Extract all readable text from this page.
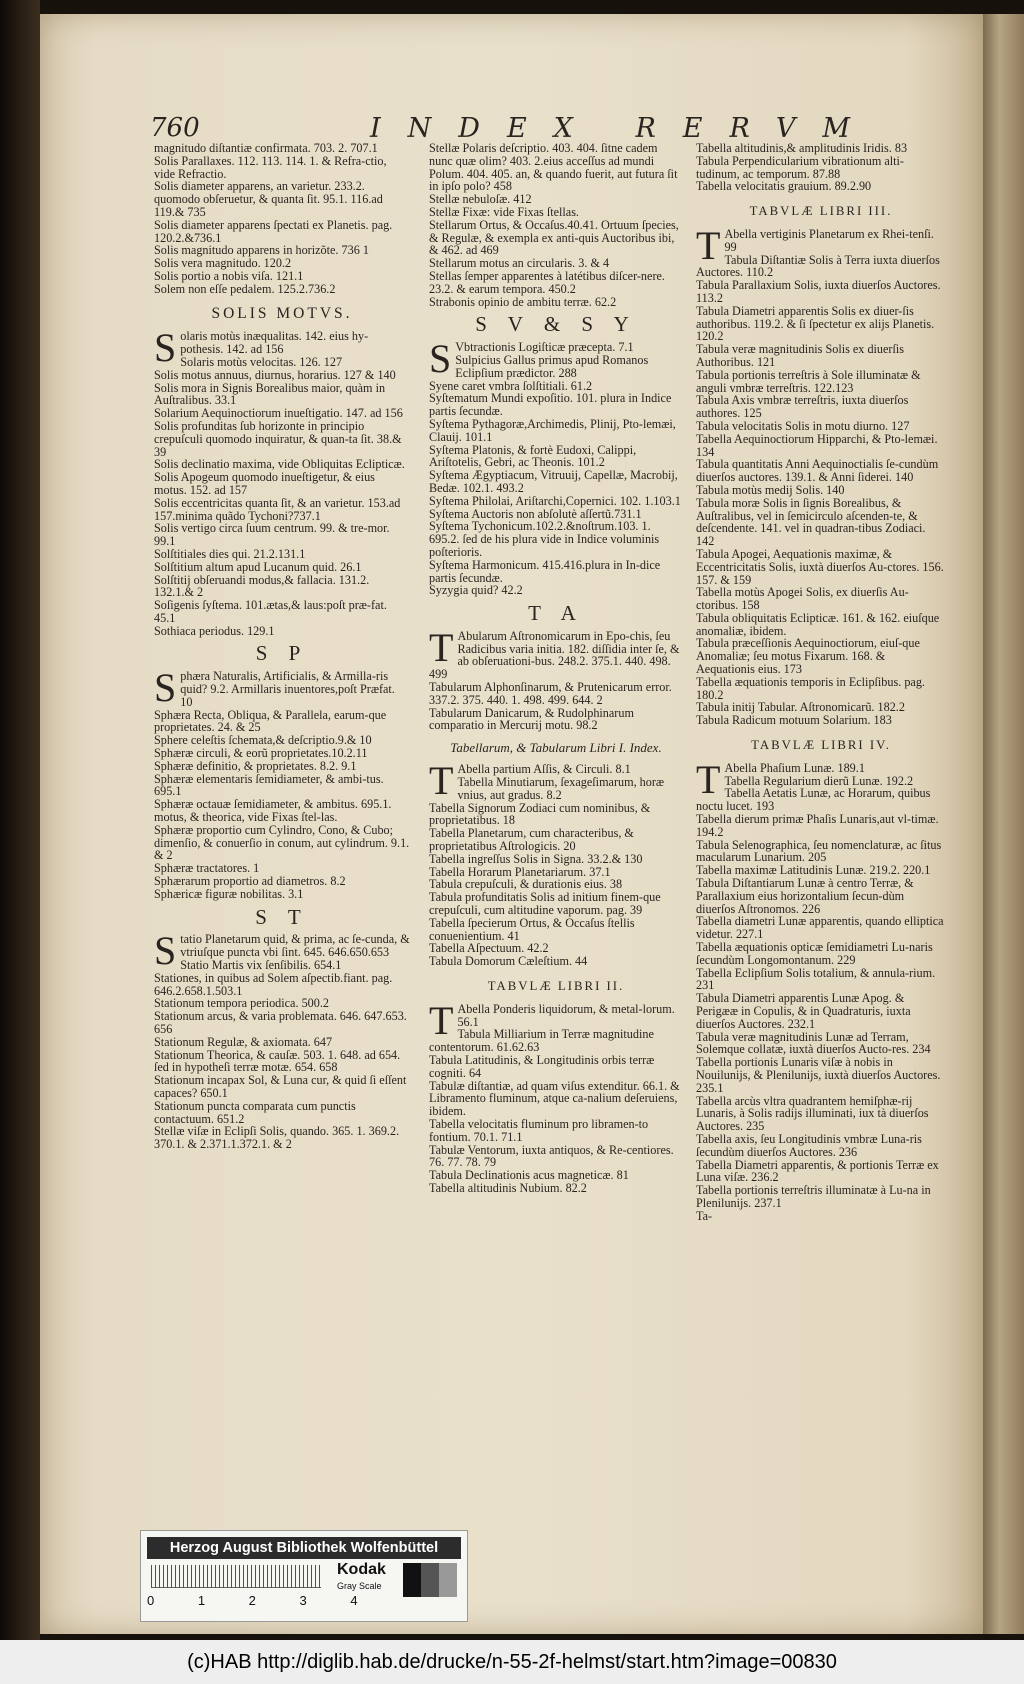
760	INDEX RERVM

magnitudo diſtantiæ confirmata. 703. 2. 707.1

Solis Parallaxes. 112. 113. 114. 1. & Refra-ctio, vide Refractio.

Solis diameter apparens, an varietur. 233.2. quomodo obſeruetur, & quanta ſit. 95.1. 116.ad 119.& 735

Solis diameter apparens ſpectati ex Planetis. pag. 120.2.&736.1

Solis magnitudo apparens in horizõte. 736 1

Solis vera magnitudo. 120.2

Solis portio a nobis viſa. 121.1

Solem non eſſe pedalem. 125.2.736.2

SOLIS MOTVS.

Solaris motùs inæqualitas. 142. eius hy-pothesis. 142. ad 156

Solaris motùs velocitas. 126. 127

Solis motus annuus, diurnus, horarius. 127 & 140

Solis mora in Signis Borealibus maior, quàm in Auſtralibus. 33.1

Solarium Aequinoctiorum inueſtigatio. 147. ad 156

Solis profunditas ſub horizonte in principio crepuſculi quomodo inquiratur, & quan-ta ſit. 38.& 39

Solis declinatio maxima, vide Obliquitas Eclipticæ.

Solis Apogeum quomodo inueſtigetur, & eius motus. 152. ad 157

Solis eccentricitas quanta ſit, & an varietur. 153.ad 157.minima quãdo Tychoni?737.1

Solis vertigo circa ſuum centrum. 99. & tre-mor. 99.1

Solſtitiales dies qui. 21.2.131.1

Solſtitium altum apud Lucanum quid. 26.1

Solſtitij obſeruandi modus,& fallacia. 131.2. 132.1.& 2

Soſigenis ſyſtema. 101.ætas,& laus:poſt præ-fat. 45.1

Sothiaca periodus. 129.1

S P

Sphæra Naturalis, Artificialis, & Armilla-ris quid? 9.2. Armillaris inuentores,poſt Præfat. 10

Sphæra Recta, Obliqua, & Parallela, earum-que proprietates. 24. & 25

Sphere celeſtis ſchemata,& deſcriptio.9.& 10

Sphæræ circuli, & eorũ proprietates.10.2.11

Sphæræ definitio, & proprietates. 8.2. 9.1

Sphæræ elementaris ſemidiameter, & ambi-tus. 695.1

Sphæræ octauæ ſemidiameter, & ambitus. 695.1. motus, & theorica, vide Fixas ſtel-las.

Sphæræ proportio cum Cylindro, Cono, & Cubo; dimenſio, & conuerſio in conum, aut cylindrum. 9.1. & 2

Sphæræ tractatores. 1

Sphærarum proportio ad diametros. 8.2

Sphæricæ figuræ nobilitas. 3.1

S T

Statio Planetarum quid, & prima, ac ſe-cunda, & vtriuſque puncta vbi ſint. 645. 646.650.653

Statio Martis vix ſenſibilis. 654.1

Stationes, in quibus ad Solem aſpectib.fiant. pag. 646.2.658.1.503.1

Stationum tempora periodica. 500.2

Stationum arcus, & varia problemata. 646. 647.653. 656

Stationum Regulæ, & axiomata. 647

Stationum Theorica, & cauſæ. 503. 1. 648. ad 654. ſed in hypotheſi terræ motæ. 654. 658

Stationum incapax Sol, & Luna cur, & quid ſi eſſent capaces? 650.1

Stationum puncta comparata cum punctis contactuum. 651.2

Stellæ viſæ in Eclipſi Solis, quando. 365. 1. 369.2. 370.1. & 2.371.1.372.1. & 2

Stellæ Polaris deſcriptio. 403. 404. ſitne cadem nunc quæ olim? 403. 2.eius acceſſus ad mundi Polum. 404. 405. an, & quando fuerit, aut futura ſit in ipſo polo? 458

Stellæ nebuloſæ. 412

Stellæ Fixæ: vide Fixas ſtellas.

Stellarum Ortus, & Occaſus.40.41. Ortuum ſpecies, & Regulæ, & exempla ex anti-quis Auctoribus ibi, & 462. ad 469

Stellarum motus an circularis. 3. & 4

Stellas ſemper apparentes à latétibus diſcer-nere. 23.2. & earum tempora. 450.2

Strabonis opinio de ambitu terræ. 62.2

S V & S Y

S Vbtractionis Logiſticæ præcepta. 7.1

Sulpicius Gallus primus apud Romanos Eclipſium prædictor. 288

Syene caret vmbra ſolſtitiali. 61.2

Syſtematum Mundi expoſitio. 101. plura in Indice partis ſecundæ.

Syſtema Pythagoræ,Archimedis, Plinij, Pto-lemæi, Clauij. 101.1

Syſtema Platonis, & fortè Eudoxi, Calippi, Ariſtotelis, Gebri, ac Theonis. 101.2

Syſtema Ægyptiacum, Vitruuij, Capellæ, Macrobij, Bedæ. 102.1. 493.2

Syſtema Philolai, Ariſtarchi,Copernici. 102. 1.103.1

Syſtema Auctoris non abſolutè aſſertũ.731.1

Syſtema Tychonicum.102.2.&noſtrum.103. 1. 695.2. ſed de his plura vide in Indice voluminis poſterioris.

Syſtema Harmonicum. 415.416.plura in In-dice partis ſecundæ.

Syzygia quid? 42.2

T A

T Abularum Aſtronomicarum in Epo-chis, ſeu Radicibus varia initia. 182. diſſidia inter ſe, & ab obſeruationi-bus. 248.2. 375.1. 440. 498. 499

Tabularum Alphonſinarum, & Prutenicarum error. 337.2. 375. 440. 1. 498. 499. 644. 2

Tabularum Danicarum, & Rudolphinarum comparatio in Mercurij motu. 98.2

Tabellarum, & Tabularum Libri I. Index.

T Abella partium Aſſis, & Circuli. 8.1

Tabella Minutiarum, ſexageſimarum, horæ vnius, aut gradus. 8.2

Tabella Signorum Zodiaci cum nominibus, & proprietatibus. 18

Tabella Planetarum, cum characteribus, & proprietatibus Aſtrologicis. 20

Tabella ingreſſus Solis in Signa. 33.2.& 130

Tabella Horarum Planetariarum. 37.1

Tabula crepuſculi, & durationis eius. 38

Tabula profunditatis Solis ad initium finem-que crepuſculi, cum altitudine vaporum. pag. 39

Tabella ſpecierum Ortus, & Occaſus ſtellis conuenientium. 41

Tabella Aſpectuum. 42.2

Tabula Domorum Cæleſtium. 44

TABVLÆ LIBRI II.

T Abella Ponderis liquidorum, & metal-lorum. 56.1

Tabula Milliarium in Terræ magnitudine contentorum. 61.62.63

Tabula Latitudinis, & Longitudinis orbis terræ cogniti. 64

Tabulæ diſtantiæ, ad quam viſus extenditur. 66.1. & Libramento fluminum, atque ca-nalium deſeruiens, ibidem.

Tabella velocitatis fluminum pro libramen-to fontium. 70.1. 71.1

Tabulæ Ventorum, iuxta antiquos, & Re-centiores. 76. 77. 78. 79

Tabula Declinationis acus magneticæ. 81

Tabella altitudinis Nubium. 82.2

Tabella altitudinis,& amplitudinis Iridis. 83

Tabula Perpendicularium vibrationum alti-tudinum, ac temporum. 87.88

Tabella velocitatis grauium. 89.2.90

TABVLÆ LIBRI III.

T Abella vertiginis Planetarum ex Rhei-tenſi. 99

Tabula Diſtantiæ Solis à Terra iuxta diuerſos Auctores. 110.2

Tabula Parallaxium Solis, iuxta diuerſos Auctores. 113.2

Tabula Diametri apparentis Solis ex diuer-ſis authoribus. 119.2. & ſi ſpectetur ex alijs Planetis. 120.2

Tabula veræ magnitudinis Solis ex diuerſis Authoribus. 121

Tabula portionis terreſtris à Sole illuminatæ & anguli vmbræ terreſtris. 122.123

Tabula Axis vmbræ terreſtris, iuxta diuerſos authores. 125

Tabula velocitatis Solis in motu diurno. 127

Tabella Aequinoctiorum Hipparchi, & Pto-lemæi. 134

Tabula quantitatis Anni Aequinoctialis ſe-cundùm diuerſos auctores. 139.1. & Anni ſiderei. 140

Tabula motùs medij Solis. 140

Tabula moræ Solis in ſignis Borealibus, & Auſtralibus, vel in ſemicirculo aſcenden-te, & deſcendente. 141. vel in quadran-tibus Zodiaci. 142

Tabula Apogei, Aequationis maximæ, & Eccentricitatis Solis, iuxtà diuerſos Au-ctores. 156. 157. & 159

Tabella motùs Apogei Solis, ex diuerſis Au-ctoribus. 158

Tabula obliquitatis Eclipticæ. 161. & 162. eiuſque anomaliæ, ibidem.

Tabula præceſſionis Aequinoctiorum, eiuſ-que Anomaliæ; ſeu motus Fixarum. 168. & Aequationis eius. 173

Tabella æquationis temporis in Eclipſibus. pag. 180.2

Tabula initij Tabular. Aſtronomicarũ. 182.2

Tabula Radicum motuum Solarium. 183

TABVLÆ LIBRI IV.

T Abella Phaſium Lunæ. 189.1

Tabella Regularium dierũ Lunæ. 192.2

Tabella Aetatis Lunæ, ac Horarum, quibus noctu lucet. 193

Tabella dierum primæ Phaſis Lunaris,aut vl-timæ. 194.2

Tabula Selenographica, ſeu nomenclaturæ, ac ſitus macularum Lunarium. 205

Tabella maximæ Latitudinis Lunæ. 219.2. 220.1

Tabula Diſtantiarum Lunæ à centro Terræ, & Parallaxium eius horizontalium ſecun-dùm diuerſos Aſtronomos. 226

Tabella diametri Lunæ apparentis, quando elliptica videtur. 227.1

Tabella æquationis opticæ ſemidiametri Lu-naris ſecundùm Longomontanum. 229

Tabella Eclipſium Solis totalium, & annula-rium. 231

Tabula Diametri apparentis Lunæ Apog. & Perigææ in Copulis, & in Quadraturis, iuxta diuerſos Auctores. 232.1

Tabula veræ magnitudinis Lunæ ad Terram, Solemque collatæ, iuxtà diuerſos Aucto-res. 234

Tabella portionis Lunaris viſæ à nobis in Nouilunijs, & Plenilunijs, iuxtà diuerſos Auctores. 235.1

Tabella arcùs vltra quadrantem hemiſphæ-rij Lunaris, à Solis radijs illuminati, iux tà diuerſos Auctores. 235

Tabella axis, ſeu Longitudinis vmbræ Luna-ris ſecundùm diuerſos Auctores. 236

Tabella Diametri apparentis, & portionis Terræ ex Luna viſæ. 236.2

Tabella portionis terreſtris illuminatæ à Lu-na in Plenilunijs. 237.1

Ta-

Herzog August Bibliothek Wolfenbüttel
0 1 2 3 4
Kodak
Gray Scale
(c)HAB http://diglib.hab.de/drucke/n-55-2f-helmst/start.htm?image=00830
